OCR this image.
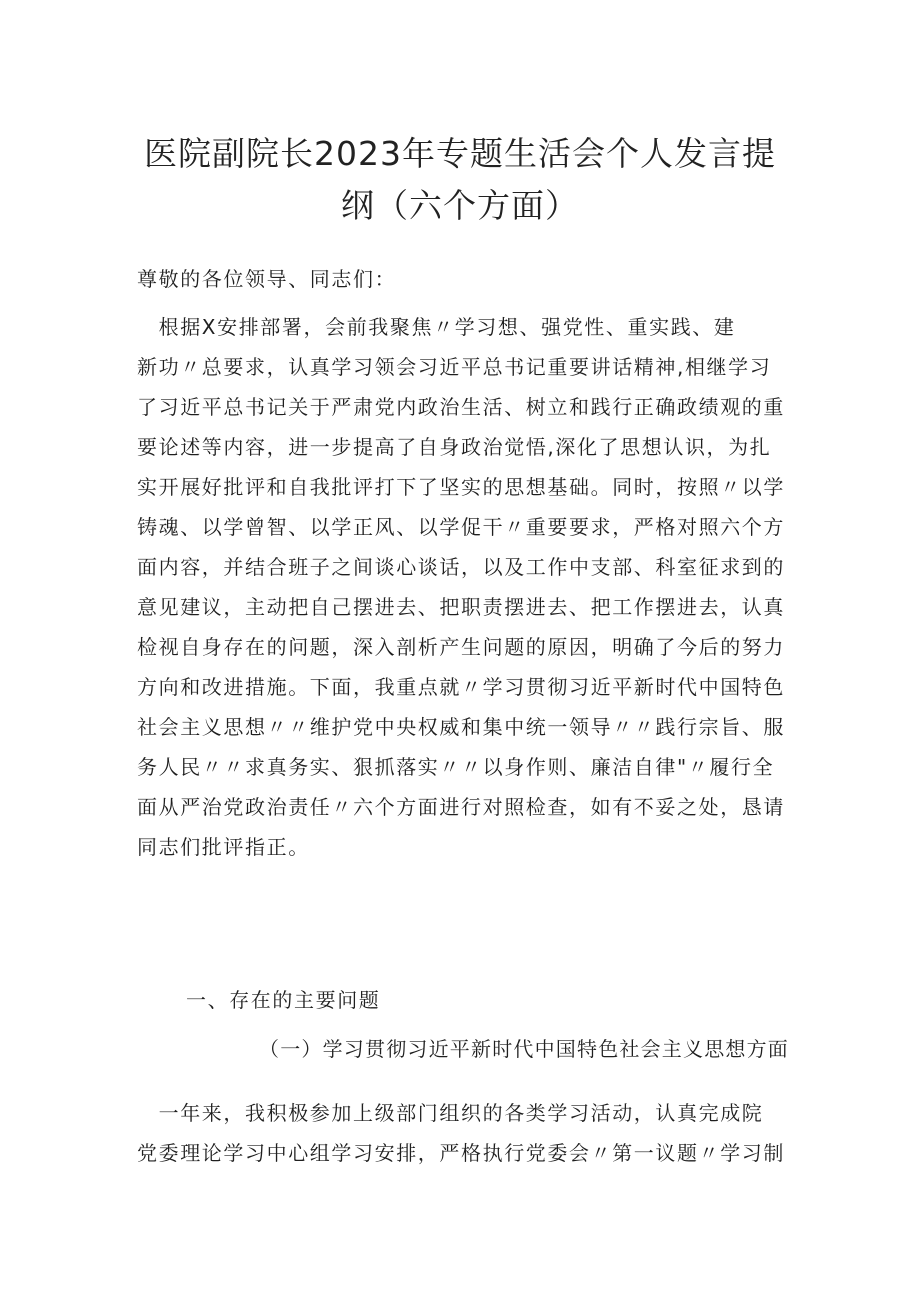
医院副院长2023年专题生活会个人发言提
纲（六个方面）
尊敬的各位领导、同志们：
　根据X安排部署，会前我聚焦〃学习想、强党性、重实践、建
新功〃总要求，认真学习领会习近平总书记重要讲话精神,相继学习
了习近平总书记关于严肃党内政治生活、树立和践行正确政绩观的重
要论述等内容，进一步提高了自身政治觉悟,深化了思想认识，为扎
实开展好批评和自我批评打下了坚实的思想基础。同时，按照〃以学
铸魂、以学曾智、以学正风、以学促干〃重要要求，严格对照六个方
面内容，并结合班子之间谈心谈话，以及工作中支部、科室征求到的
意见建议，主动把自己摆进去、把职责摆进去、把工作摆进去，认真
检视自身存在的问题，深入剖析产生问题的原因，明确了今后的努力
方向和改进措施。下面，我重点就〃学习贯彻习近平新时代中国特色
社会主义思想〃〃维护党中央权威和集中统一领导〃〃践行宗旨、服
务人民〃〃求真务实、狠抓落实〃〃以身作则、廉洁自律"〃履行全
面从严治党政治责任〃六个方面进行对照检查，如有不妥之处，恳请
同志们批评指正。
一、存在的主要问题
（一）学习贯彻习近平新时代中国特色社会主义思想方面
　一年来，我积极参加上级部门组织的各类学习活动，认真完成院
党委理论学习中心组学习安排，严格执行党委会〃第一议题〃学习制
